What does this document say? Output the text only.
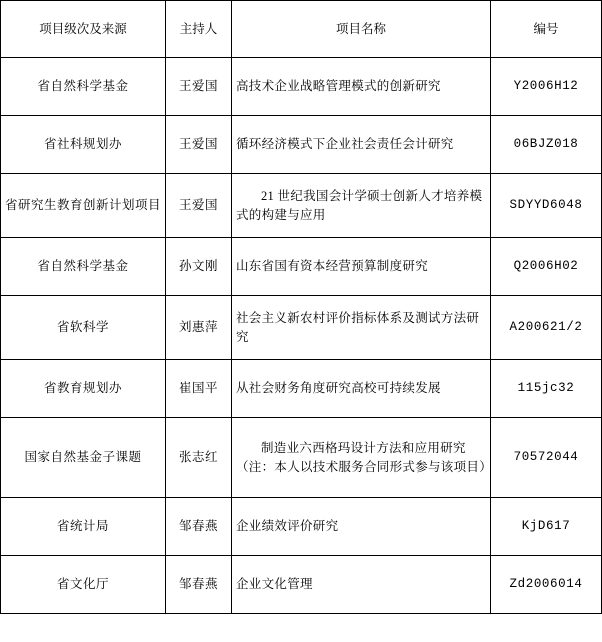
项目级次及来源	主持人	项目名称	编号
省自然科学基金	王爱国	高技术企业战略管理模式的创新研究	Y2006H12
省社科规划办	王爱国	循环经济模式下企业社会责任会计研究	06BJZ018
省研究生教育创新计划项目	王爱国	21 世纪我国会计学硕士创新人才培养模式的构建与应用	SDYYD6048
省自然科学基金	孙文刚	山东省国有资本经营预算制度研究	Q2006H02
省软科学	刘惠萍	社会主义新农村评价指标体系及测试方法研究	A200621/2
省教育规划办	崔国平	从社会财务角度研究高校可持续发展	115jc32
国家自然基金子课题	张志红	制造业六西格玛设计方法和应用研究（注：本人以技术服务合同形式参与该项目）	70572044
省统计局	邹春燕	企业绩效评价研究	KjD617
省文化厅	邹春燕	企业文化管理	Zd2006014
